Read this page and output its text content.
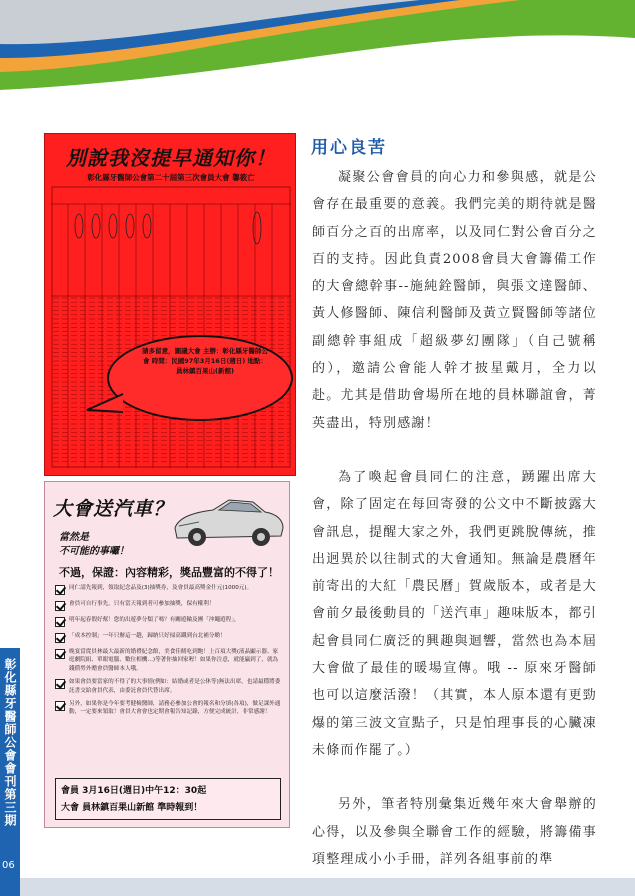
彰化縣牙醫師公會會刊第三期
06
別說我沒提早通知你！
彰化縣牙醫師公會第二十屆第三次會員大會 馨筱亡
請多留意，圖議大會 主辦：彰化縣牙醫師公會 時間：民國97年3月16日(週日) 地點：員林鎮百果山(新館)
大會送汽車？
當然是
不可能的事囉！
不過，保證：內容精彩，獎品豐富的不得了！
同仁請先報到，領取紀念品及(3)抽獎券，及會員最高獎金什元(1000元)。
會員可自行事先，只有當天報到者可參加抽獎，保有權利！
明年起春假好幫！您的出遊夢分類了嗎？有關遊輪及團「沖繩遊程」，
「成本控制」一年只辦這一趟，歸納只好掃高鐵到台北補分喲！
晚宴當從員林最大最新的婚禮紀念館，美食佳餚吃到飽！上百項大獎(液晶顯示器、家庭劇院組、單眼電腦、數位相機…)等著你抽回家喔！如果你注意，就能贏到了，就為錢償勞外贈會員醫師本人哦。
如果會員要當家的不得了的大事情(例如：結婚或者是公休等)無法出席，也請最穩將委託書交給會員代表，由委託會員代替出席。
另外，如果你是今年要考健檢醫師，請務必參加公會的報名和分填(各項)，做足課外通動，一定要來領取！會員大會會也定期會報告知記錄，方便完成統計，非常感謝！
會員 3月16日(週日)中午12：30起
大會 員林鎮百果山新館 準時報到！
用心良苦

凝聚公會會員的向心力和參與感，就是公會存在最重要的意義。我們完美的期待就是醫師百分之百的出席率，以及同仁對公會百分之百的支持。因此負責2008會員大會籌備工作的大會總幹事--施純銓醫師，與張文達醫師、黃人修醫師、陳信利醫師及黃立賢醫師等諸位副總幹事組成「超級夢幻團隊」（自己號稱的），邀請公會能人幹才披星戴月，全力以赴。尤其是借助會場所在地的員林聯誼會，菁英盡出，特別感謝！

為了喚起會員同仁的注意，踴躍出席大會，除了固定在每回寄發的公文中不斷披露大會訊息，提醒大家之外，我們更跳脫傳統，推出迥異於以往制式的大會通知。無論是農曆年前寄出的大紅「農民曆」賀歲版本，或者是大會前夕最後動員的「送汽車」趣味版本，都引起會員同仁廣泛的興趣與迴響，當然也為本屆大會做了最佳的暖場宣傳。哦 -- 原來牙醫師也可以這麼活潑！（其實，本人原本還有更勁爆的第三波文宣點子，只是怕理事長的心臟凍未條而作罷了。）

另外，筆者特別彙集近幾年來大會舉辦的心得，以及參與全聯會工作的經驗，將籌備事項整理成小小手冊，詳列各組事前的準
